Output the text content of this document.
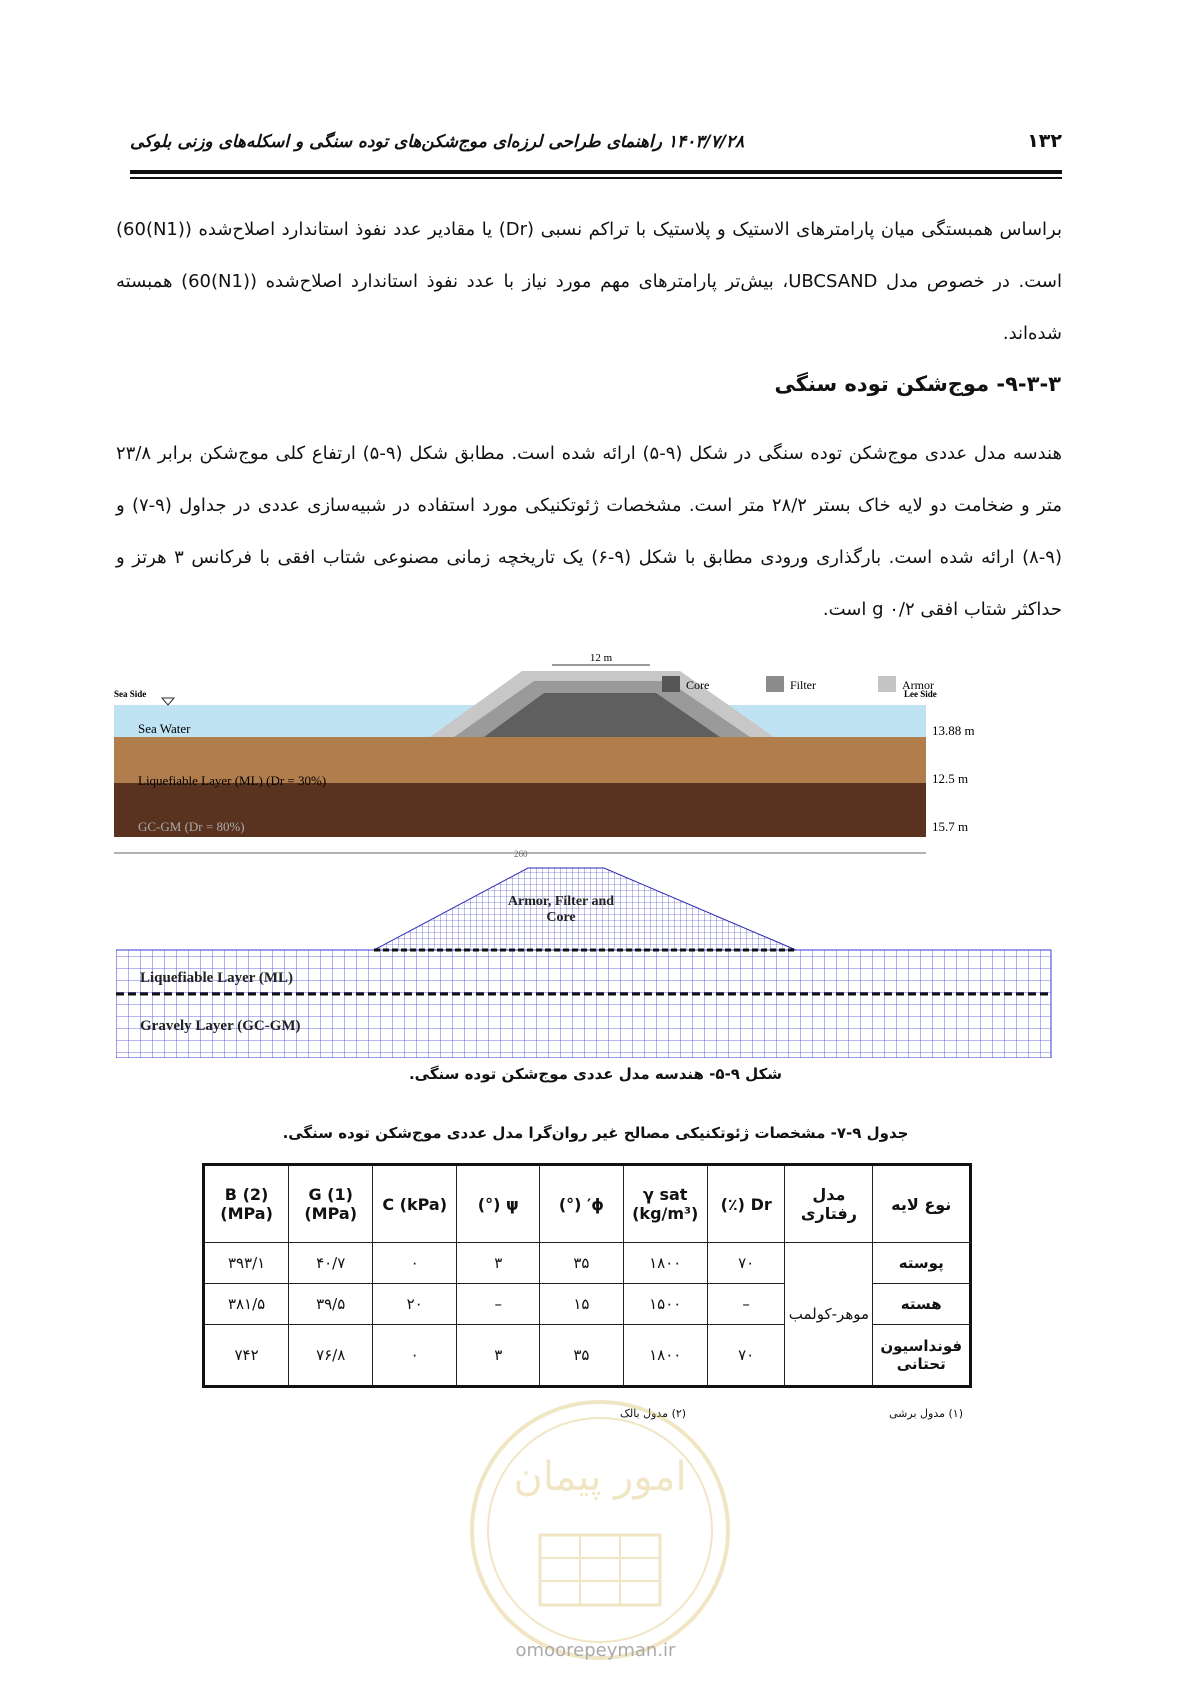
۱۳۲
۱۴۰۳/۷/۲۸ راهنمای طراحی لرزه‌ای موج‌شکن‌های توده سنگی و اسکله‌های وزنی بلوکی
براساس همبستگی میان پارامترهای الاستیک و پلاستیک با تراکم نسبی (Dr) یا مقادیر عدد نفوذ استاندارد اصلاح‌شده ((N1)60) است. در خصوص مدل UBCSAND، بیش‌تر پارامترهای مهم مورد نیاز با عدد نفوذ استاندارد اصلاح‌شده ((N1)60) همبسته شده‌اند.
۹-۳-۳- موج‌شکن توده سنگی
هندسه مدل عددی موج‌شکن توده سنگی در شکل (۹-۵) ارائه شده است. مطابق شکل (۹-۵) ارتفاع کلی موج‌شکن برابر ۲۳/۸ متر و ضخامت دو لایه خاک بستر ۲۸/۲ متر است. مشخصات ژئوتکنیکی مورد استفاده در شبیه‌سازی عددی در جداول (۹-۷) و (۹-۸) ارائه شده است. بارگذاری ورودی مطابق با شکل (۹-۶) یک تاریخچه زمانی مصنوعی شتاب افقی با فرکانس ۳ هرتز و حداکثر شتاب افقی ۰/۲ g است.
12 m
Core	Filter	Armor
Sea Side	Lee Side
Sea Water
Liquefiable Layer (ML) (Dr = 30%)
GC-GM (Dr = 80%)
13.88 m
12.5 m
15.7 m
260
Armor, Filter and
Core
Liquefiable Layer (ML)
Gravely Layer (GC-GM)
شکل ۹-۵- هندسه مدل عددی موج‌شکن توده سنگی.
جدول ۹-۷- مشخصات ژئوتکنیکی مصالح غیر روان‌گرا مدل عددی موج‌شکن توده سنگی.
نوع لایه	مدل رفتاری	Dr (٪)	γ sat (kg/m³)	ϕ′ (°)	ψ (°)	C (kPa)	(1) G (MPa)	(2) B (MPa)
پوسته	موهر-کولمب	۷۰	۱۸۰۰	۳۵	۳	۰	۴۰/۷	۳۹۳/۱
هسته		–	۱۵۰۰	۱۵	–	۲۰	۳۹/۵	۳۸۱/۵
فونداسیون تحتانی		۷۰	۱۸۰۰	۳۵	۳	۰	۷۶/۸	۷۴۲
(۱) مدول برشی
(۲) مدول بالک
امور پیمان
omoorepeyman.ir
